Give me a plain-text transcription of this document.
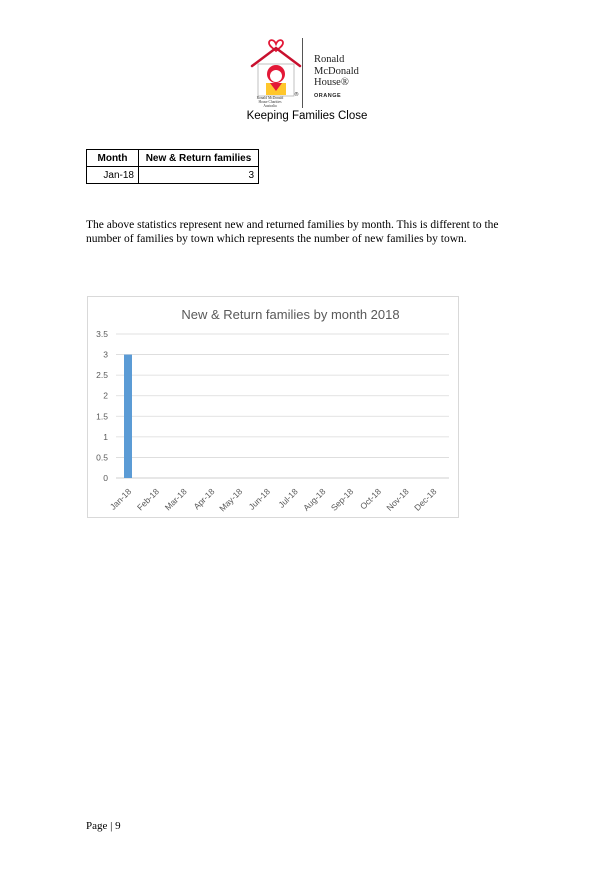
®
Ronald
McDonald
House®
ORANGE
Ronald McDonald
House Charities
Australia
Keeping Families Close
Month	New & Return families
Jan-18	3
The above statistics represent new and returned families by month. This is different to the number of families by town which represents the number of new families by town.
New & Return families by month 2018
0
0.5
1
1.5
2
2.5
3
3.5
Jan-18 Feb-18 Mar-18 Apr-18 May-18 Jun-18 Jul-18 Aug-18 Sep-18 Oct-18 Nov-18 Dec-18
Page | 9
